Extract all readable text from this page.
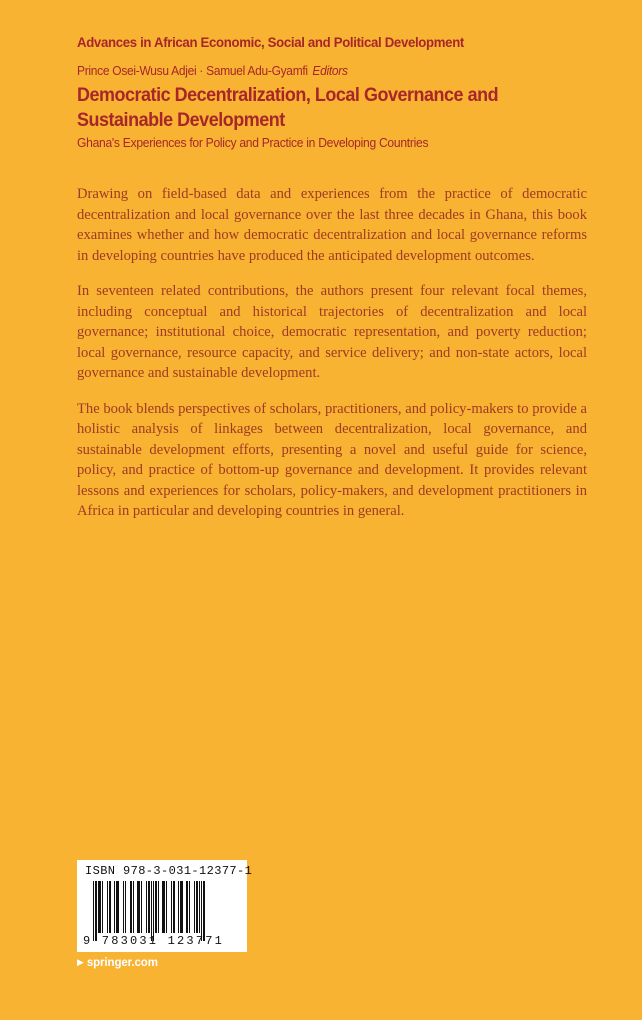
Advances in African Economic, Social and Political Development
Prince Osei-Wusu Adjei · Samuel Adu-Gyamfi Editors
Democratic Decentralization, Local Governance and Sustainable Development
Ghana's Experiences for Policy and Practice in Developing Countries

Drawing on field-based data and experiences from the practice of democratic decentralization and local governance over the last three decades in Ghana, this book examines whether and how democratic decentralization and local governance reforms in developing countries have produced the anticipated development outcomes.

In seventeen related contributions, the authors present four relevant focal themes, including conceptual and historical trajectories of decentralization and local governance; institutional choice, democratic representation, and poverty reduction; local governance, resource capacity, and service delivery; and non-state actors, local governance and sustainable development.

The book blends perspectives of scholars, practitioners, and policy-makers to provide a holistic analysis of linkages between decentralization, local governance, and sustainable development efforts, presenting a novel and useful guide for science, policy, and practice of bottom-up governance and development. It provides relevant lessons and experiences for scholars, policy-makers, and development practitioners in Africa in particular and developing countries in general.

ISBN 978-3-031-12377-1
9 783031 123771
▶ springer.com
